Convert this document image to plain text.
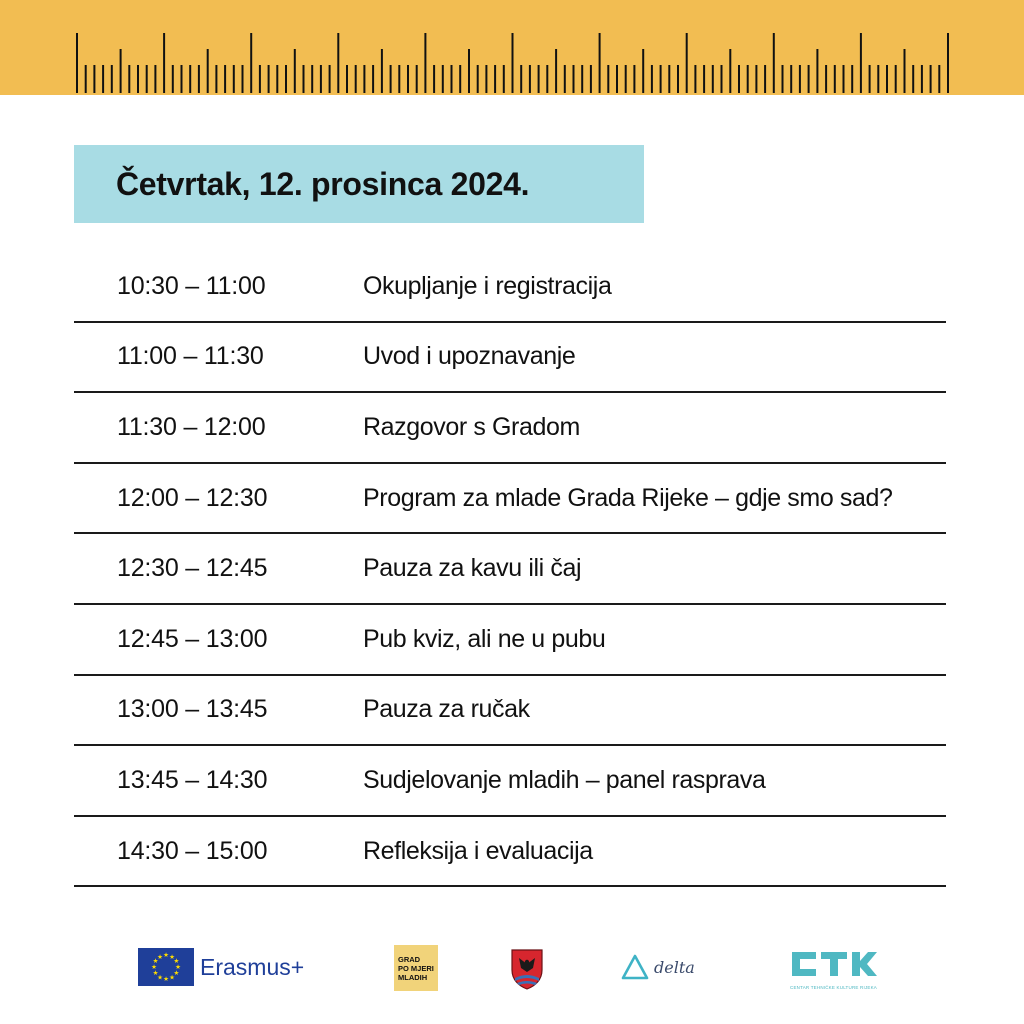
Četvrtak, 12. prosinca 2024.
10:30 – 11:00	Okupljanje i registracija
11:00 – 11:30	Uvod i upoznavanje
11:30 – 12:00	Razgovor s Gradom
12:00 – 12:30	Program za mlade Grada Rijeke – gdje smo sad?
12:30 – 12:45	Pauza za kavu ili čaj
12:45 – 13:00	Pub kviz, ali ne u pubu
13:00 – 13:45	Pauza za ručak
13:45 – 14:30	Sudjelovanje mladih – panel rasprava
14:30 – 15:00	Refleksija i evaluacija
★ ★
★
★
★
★
★
★
★
★
★
★ Erasmus+	GRAD
PO MJERI
MLADIH
delta
CENTAR TEHNIČKE KULTURE RIJEKA
